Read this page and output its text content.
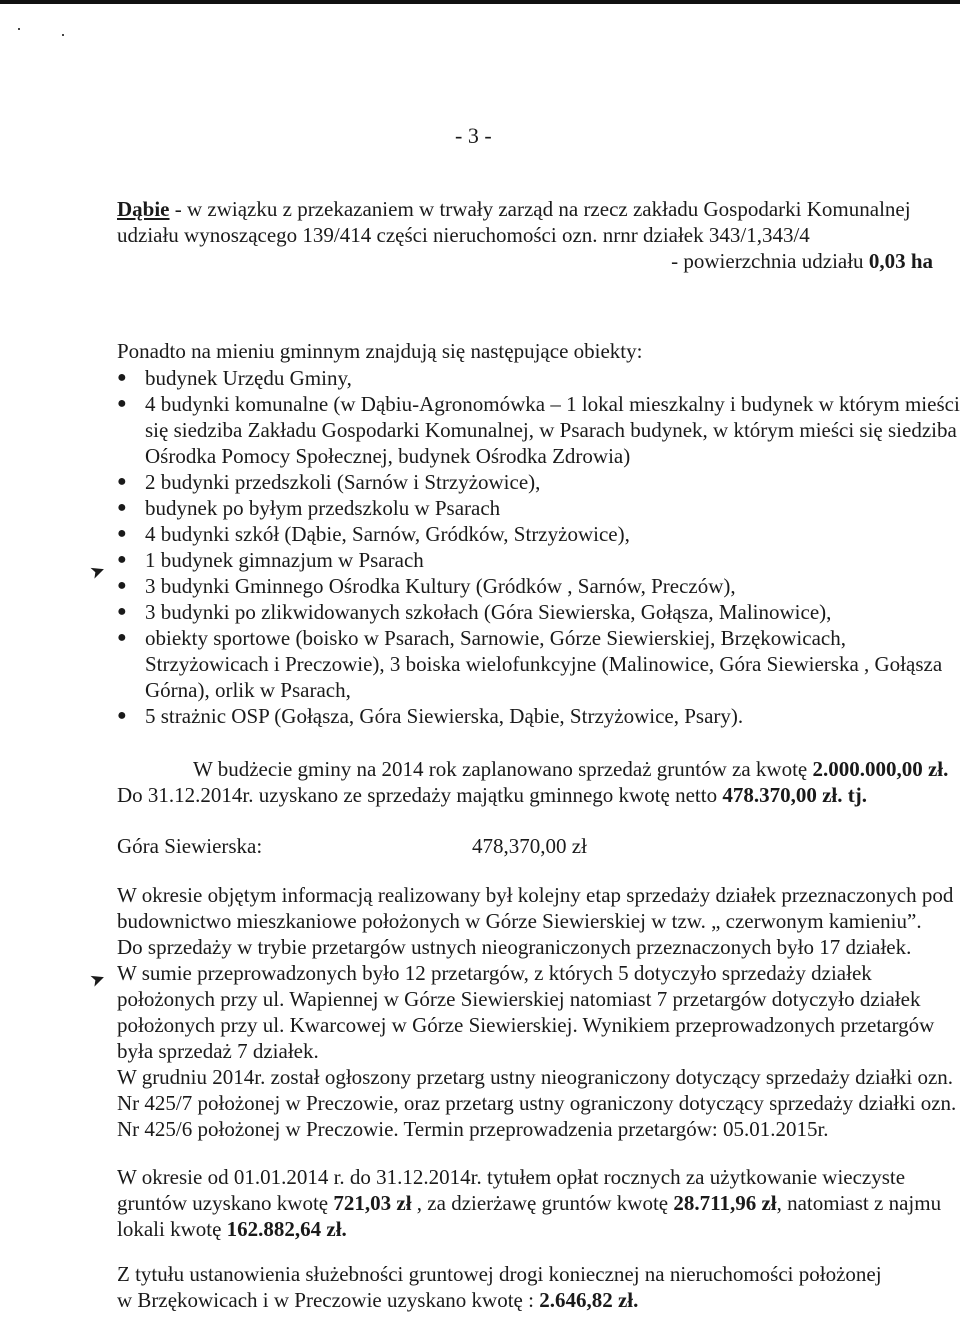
- 3 -
Dąbie - w związku z przekazaniem w trwały zarząd na rzecz zakładu Gospodarki Komunalnej
udziału wynoszącego 139/414 części nieruchomości ozn. nrnr działek 343/1,343/4
- powierzchnia udziału 0,03 ha
Ponadto na mieniu gminnym znajdują się następujące obiekty:
● budynek Urzędu Gminy,
● 4 budynki komunalne (w Dąbiu-Agronomówka – 1 lokal mieszkalny i budynek w którym mieści
się siedziba Zakładu Gospodarki Komunalnej, w Psarach budynek, w którym mieści się siedziba
Ośrodka Pomocy Społecznej, budynek Ośrodka Zdrowia)
● 2 budynki przedszkoli (Sarnów i Strzyżowice),
● budynek po byłym przedszkolu w Psarach
● 4 budynki szkół (Dąbie, Sarnów, Gródków, Strzyżowice),
● 1 budynek gimnazjum w Psarach
● 3 budynki Gminnego Ośrodka Kultury (Gródków , Sarnów, Preczów),
● 3 budynki po zlikwidowanych szkołach (Góra Siewierska, Gołąsza, Malinowice),
● obiekty sportowe (boisko w Psarach, Sarnowie, Górze Siewierskiej, Brzękowicach,
Strzyżowicach i Preczowie), 3 boiska wielofunkcyjne (Malinowice, Góra Siewierska , Gołąsza
Górna), orlik w Psarach,
● 5 strażnic OSP (Gołąsza, Góra Siewierska, Dąbie, Strzyżowice, Psary).
➤
W budżecie gminy na 2014 rok zaplanowano sprzedaż gruntów za kwotę 2.000.000,00 zł.
Do 31.12.2014r. uzyskano ze sprzedaży majątku gminnego kwotę netto 478.370,00 zł. tj.
Góra Siewierska:	478,370,00 zł
W okresie objętym informacją realizowany był kolejny etap sprzedaży działek przeznaczonych pod
budownictwo mieszkaniowe położonych w Górze Siewierskiej w tzw. „ czerwonym kamieniu”.
Do sprzedaży w trybie przetargów ustnych nieograniczonych przeznaczonych było 17 działek.
W sumie przeprowadzonych było 12 przetargów, z których 5 dotyczyło sprzedaży działek
położonych przy ul. Wapiennej w Górze Siewierskiej natomiast 7 przetargów dotyczyło działek
położonych przy ul. Kwarcowej w Górze Siewierskiej. Wynikiem przeprowadzonych przetargów
była sprzedaż 7 działek.
W grudniu 2014r. został ogłoszony przetarg ustny nieograniczony dotyczący sprzedaży działki ozn.
Nr 425/7 położonej w Preczowie, oraz przetarg ustny ograniczony dotyczący sprzedaży działki ozn.
Nr 425/6 położonej w Preczowie. Termin przeprowadzenia przetargów: 05.01.2015r.
➤
W okresie od 01.01.2014 r. do 31.12.2014r. tytułem opłat rocznych za użytkowanie wieczyste
gruntów uzyskano kwotę 721,03 zł , za dzierżawę gruntów kwotę 28.711,96 zł, natomiast z najmu
lokali kwotę 162.882,64 zł.
Z tytułu ustanowienia służebności gruntowej drogi koniecznej na nieruchomości położonej
w Brzękowicach i w Preczowie uzyskano kwotę : 2.646,82 zł.
